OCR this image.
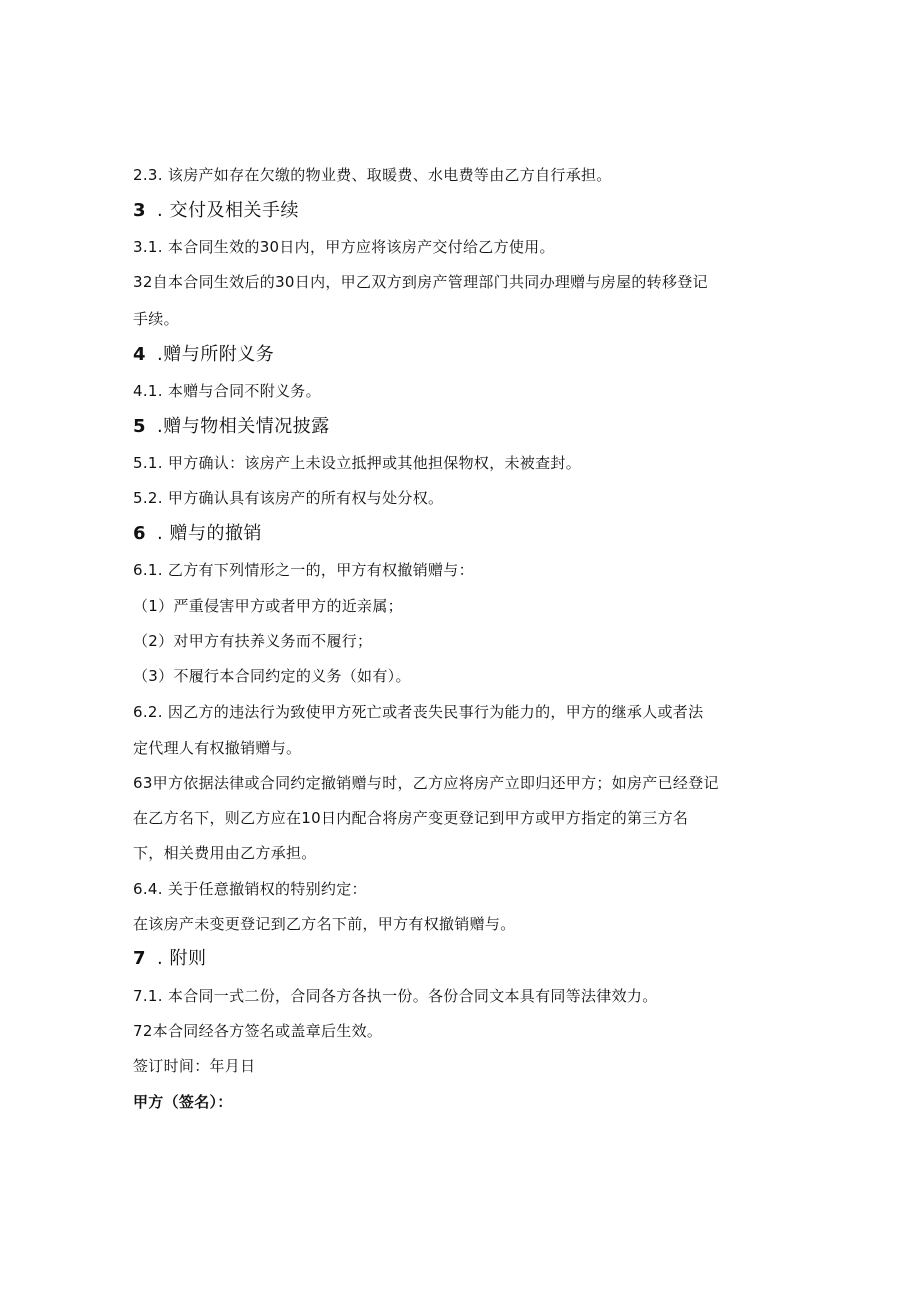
2.3. 该房产如存在欠缴的物业费、取暖费、水电费等由乙方自行承担。
3 . 交付及相关手续
3.1. 本合同生效的30日内，甲方应将该房产交付给乙方使用。
32自本合同生效后的30日内，甲乙双方到房产管理部门共同办理赠与房屋的转移登记
手续。
4 .赠与所附义务
4.1. 本赠与合同不附义务。
5 .赠与物相关情况披露
5.1. 甲方确认：该房产上未设立抵押或其他担保物权，未被查封。
5.2. 甲方确认具有该房产的所有权与处分权。
6 . 赠与的撤销
6.1. 乙方有下列情形之一的，甲方有权撤销赠与：
（1）严重侵害甲方或者甲方的近亲属；
（2）对甲方有扶养义务而不履行；
（3）不履行本合同约定的义务（如有）。
6.2. 因乙方的违法行为致使甲方死亡或者丧失民事行为能力的，甲方的继承人或者法
定代理人有权撤销赠与。
63甲方依据法律或合同约定撤销赠与时，乙方应将房产立即归还甲方；如房产已经登记
在乙方名下，则乙方应在10日内配合将房产变更登记到甲方或甲方指定的第三方名
下，相关费用由乙方承担。
6.4. 关于任意撤销权的特别约定：
在该房产未变更登记到乙方名下前，甲方有权撤销赠与。
7 . 附则
7.1. 本合同一式二份，合同各方各执一份。各份合同文本具有同等法律效力。
72本合同经各方签名或盖章后生效。
签订时间：年月日
甲方（签名）：
